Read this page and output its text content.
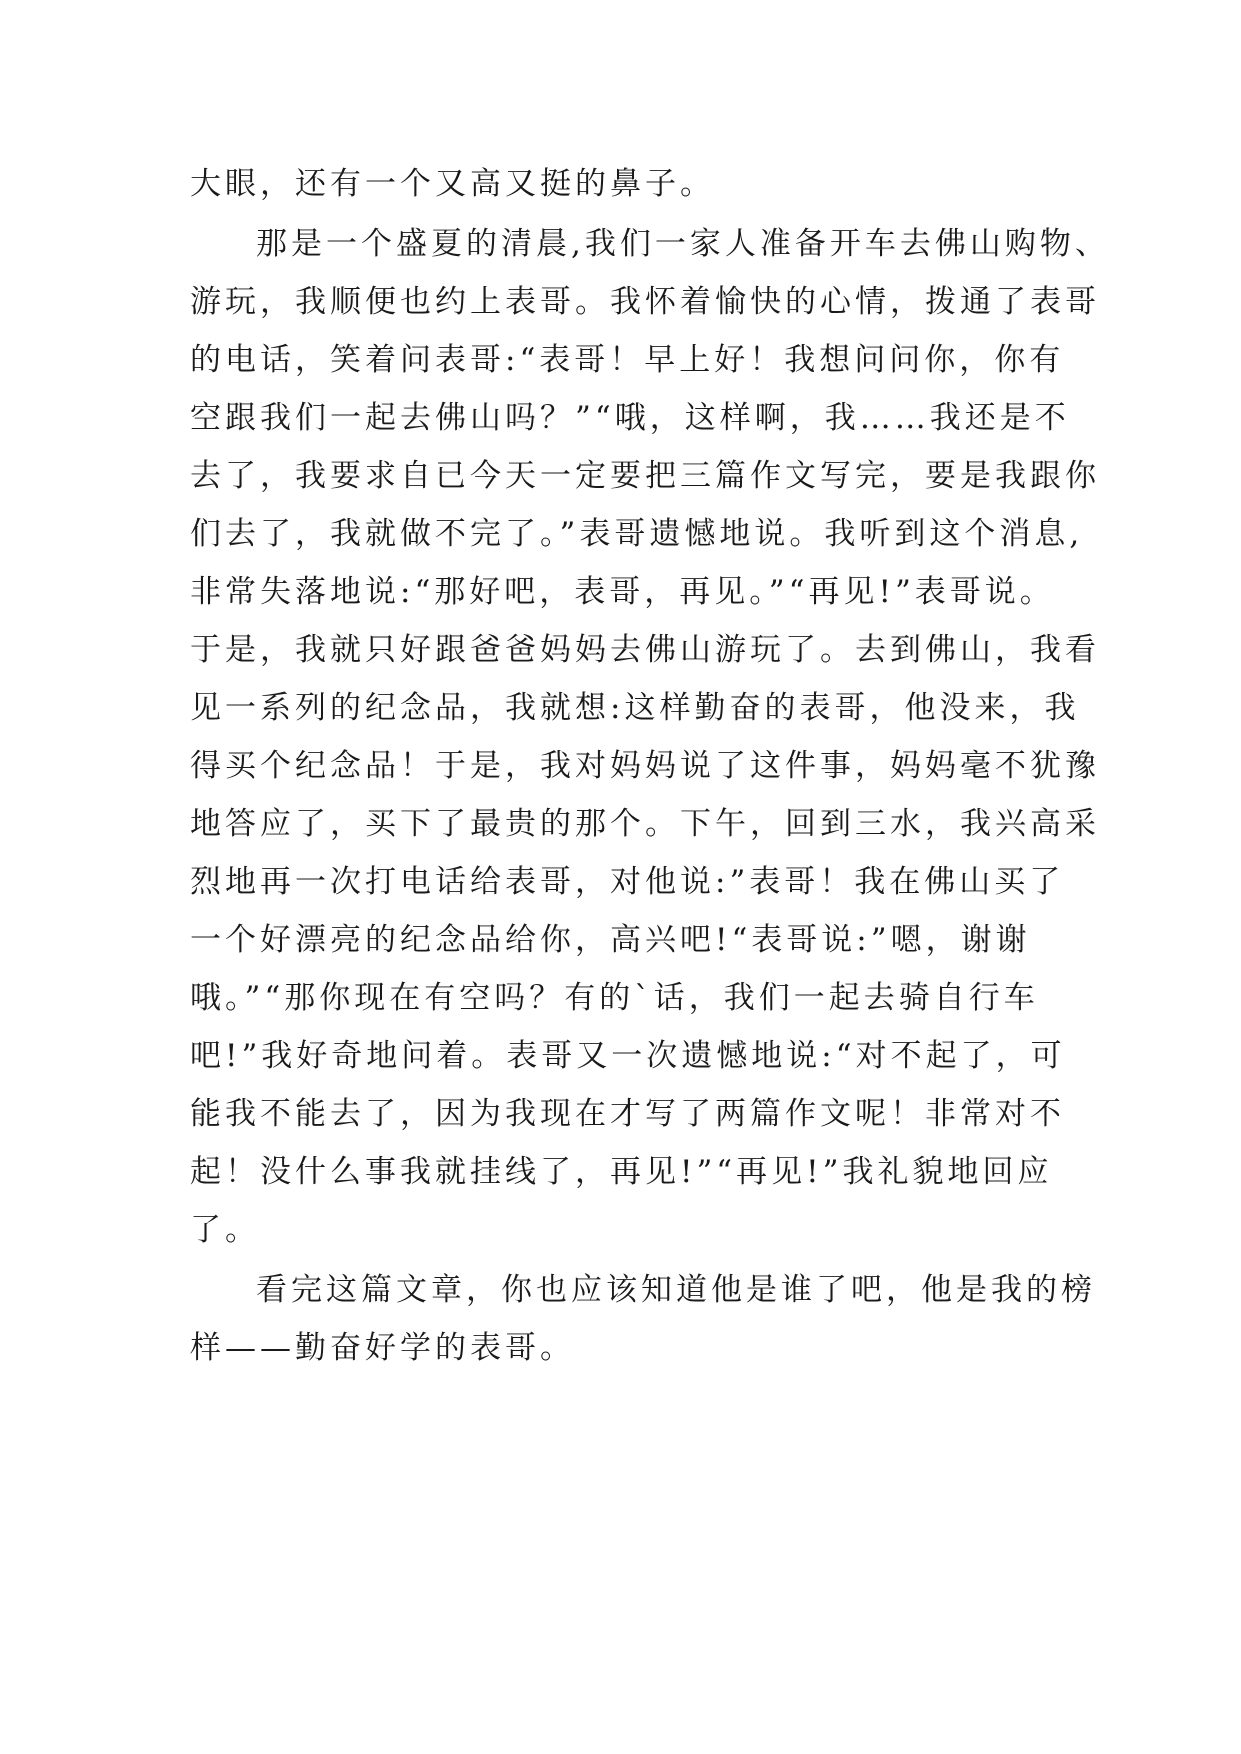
大眼，还有一个又高又挺的鼻子。
那是一个盛夏的清晨,我们一家人准备开车去佛山购物、
游玩，我顺便也约上表哥。我怀着愉快的心情，拨通了表哥
的电话，笑着问表哥:“表哥！早上好！我想问问你，你有
空跟我们一起去佛山吗？”“哦，这样啊，我……我还是不
去了，我要求自已今天一定要把三篇作文写完，要是我跟你
们去了，我就做不完了。”表哥遗憾地说。我听到这个消息,
非常失落地说:“那好吧，表哥，再见。”“再见!”表哥说。
于是，我就只好跟爸爸妈妈去佛山游玩了。去到佛山，我看
见一系列的纪念品，我就想:这样勤奋的表哥，他没来，我
得买个纪念品！于是，我对妈妈说了这件事，妈妈毫不犹豫
地答应了，买下了最贵的那个。下午，回到三水，我兴高采
烈地再一次打电话给表哥，对他说:”表哥！我在佛山买了
一个好漂亮的纪念品给你，高兴吧!“表哥说:”嗯，谢谢
哦。”“那你现在有空吗？有的`话，我们一起去骑自行车
吧!”我好奇地问着。表哥又一次遗憾地说:“对不起了，可
能我不能去了，因为我现在才写了两篇作文呢！非常对不
起！没什么事我就挂线了，再见!”“再见!”我礼貌地回应
了。
看完这篇文章，你也应该知道他是谁了吧，他是我的榜
样——勤奋好学的表哥。
